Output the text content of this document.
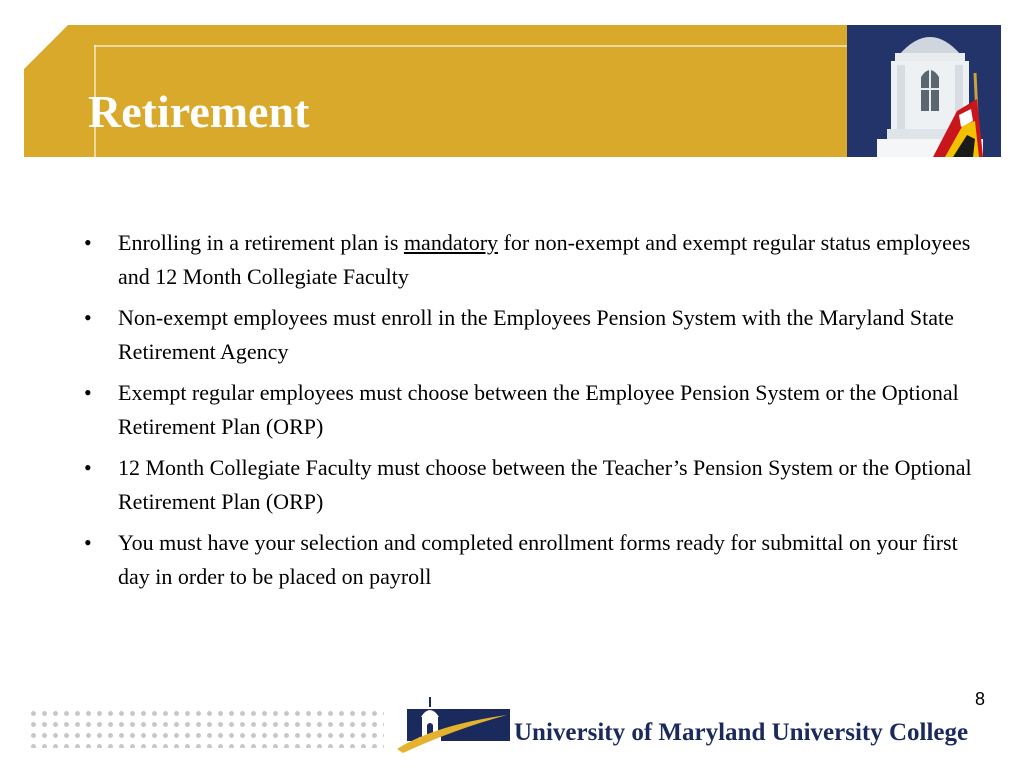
Retirement
•	Enrolling in a retirement plan is mandatory for non-exempt and exempt regular status employees and 12 Month Collegiate Faculty
•	Non-exempt employees must enroll in the Employees Pension System with the Maryland State Retirement Agency
•	Exempt regular employees must choose between the Employee Pension System or the Optional Retirement Plan (ORP)
•	12 Month Collegiate Faculty must choose between the Teacher’s Pension System or the Optional Retirement Plan (ORP)
•	You must have your selection and completed enrollment forms ready for submittal on your first day in order to be placed on payroll
8

University of Maryland University College
